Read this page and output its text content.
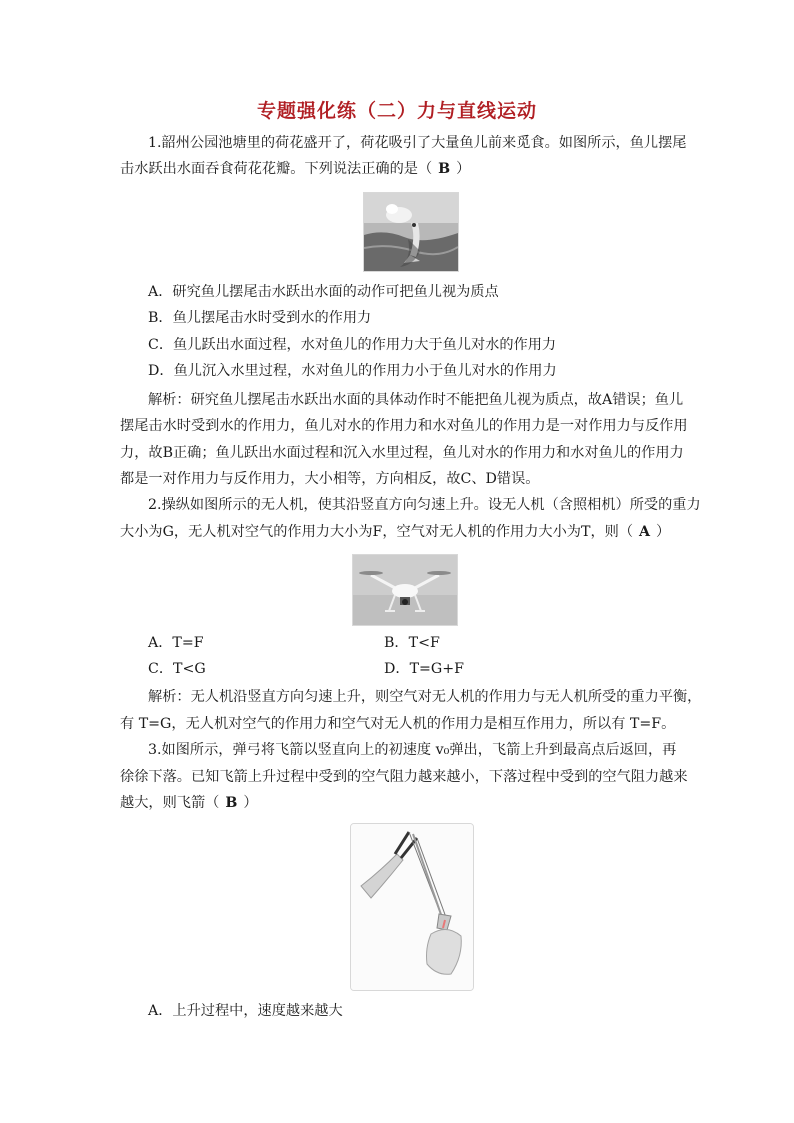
专题强化练（二）力与直线运动
1.韶州公园池塘里的荷花盛开了，荷花吸引了大量鱼儿前来觅食。如图所示，鱼儿摆尾
击水跃出水面吞食荷花花瓣。下列说法正确的是（ B ）
A．研究鱼儿摆尾击水跃出水面的动作可把鱼儿视为质点
B．鱼儿摆尾击水时受到水的作用力
C．鱼儿跃出水面过程，水对鱼儿的作用力大于鱼儿对水的作用力
D．鱼儿沉入水里过程，水对鱼儿的作用力小于鱼儿对水的作用力
解析：研究鱼儿摆尾击水跃出水面的具体动作时不能把鱼儿视为质点，故A错误；鱼儿
摆尾击水时受到水的作用力，鱼儿对水的作用力和水对鱼儿的作用力是一对作用力与反作用
力，故B正确；鱼儿跃出水面过程和沉入水里过程，鱼儿对水的作用力和水对鱼儿的作用力
都是一对作用力与反作用力，大小相等，方向相反，故C、D错误。
2.操纵如图所示的无人机，使其沿竖直方向匀速上升。设无人机（含照相机）所受的重力
大小为G，无人机对空气的作用力大小为F，空气对无人机的作用力大小为T，则（ A ）
A．T=F	B．T<F
C．T<G	D．T=G+F
解析：无人机沿竖直方向匀速上升，则空气对无人机的作用力与无人机所受的重力平衡，
有 T=G，无人机对空气的作用力和空气对无人机的作用力是相互作用力，所以有 T=F。
3.如图所示，弹弓将飞箭以竖直向上的初速度 v₀弹出，飞箭上升到最高点后返回，再
徐徐下落。已知飞箭上升过程中受到的空气阻力越来越小，下落过程中受到的空气阻力越来
越大，则飞箭（ B ）
A．上升过程中，速度越来越大
